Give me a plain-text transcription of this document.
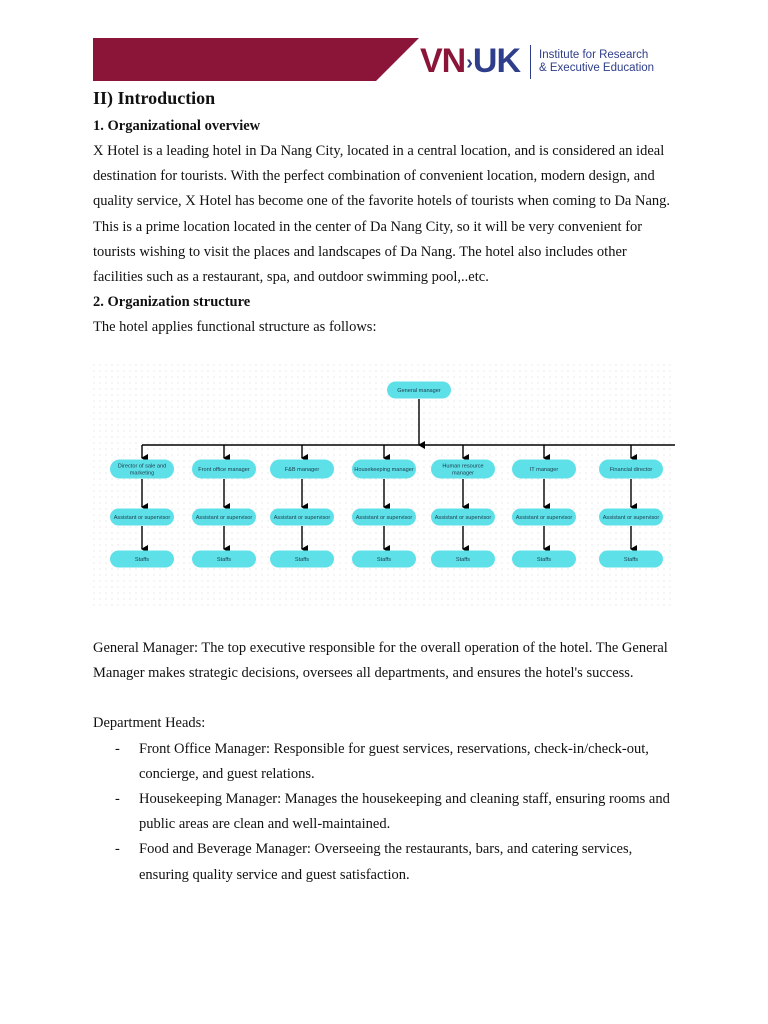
VN›UK Institute for Research
& Executive Education
II) Introduction
1. Organizational overview

X Hotel is a leading hotel in Da Nang City, located in a central location, and is considered an ideal destination for tourists. With the perfect combination of convenient location, modern design, and quality service, X Hotel has become one of the favorite hotels of tourists when coming to Da Nang. This is a prime location located in the center of Da Nang City, so it will be very convenient for tourists wishing to visit the places and landscapes of Da Nang. The hotel also includes other facilities such as a restaurant, spa, and outdoor swimming pool,..etc.

2. Organization structure

The hotel applies functional structure as follows:

General manager
Director of sale and
marketing
Assistant or supervisor
Staffs
Front office manager
Assistant or supervisor
Staffs
F&B manager
Assistant or supervisor
Staffs
Housekeeping manager
Assistant or supervisor
Staffs
Human resource
manager
Assistant or supervisor
Staffs
IT manager
Assistant or supervisor
Staffs
Financial director
Assistant or supervisor
Staffs

General Manager: The top executive responsible for the overall operation of the hotel. The General Manager makes strategic decisions, oversees all departments, and ensures the hotel's success.

Department Heads:

- Front Office Manager: Responsible for guest services, reservations, check-in/check-out, concierge, and guest relations.
- Housekeeping Manager: Manages the housekeeping and cleaning staff, ensuring rooms and public areas are clean and well-maintained.
- Food and Beverage Manager: Overseeing the restaurants, bars, and catering services, ensuring quality service and guest satisfaction.
